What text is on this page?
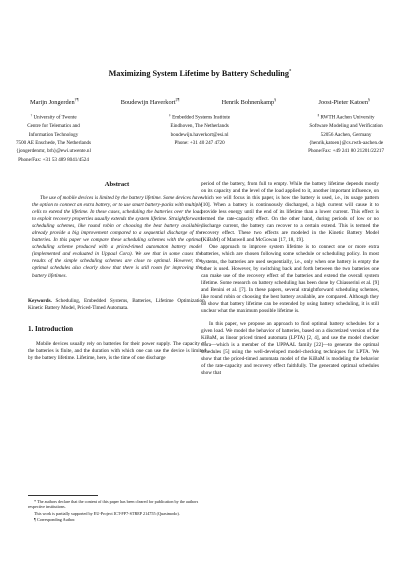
Maximizing System Lifetime by Battery Scheduling*
Marijn Jongerden†¶	Boudewijn Haverkort‡¶	Henrik Bohnenkamp§	Joost-Pieter Katoen§
† University of Twente
Centre for Telematics and
Information Technology
7500 AE Enschede, The Netherlands
{jongerdenmr, brh}@ewi.utwente.nl
Phone/Fax: +31 53 489 8041/4524
‡ Embedded Systems Institute
Eindhoven, The Netherlands
boudewijn.haverkort@esi.nl
Phone: +31 40 247 4720
§ RWTH Aachen University
Software Modeling and Verification
52056 Aachen, Germany
{henrik,katoen}@cs.rwth-aachen.de
Phone/Fax: +49 241 80 21201/22217
Abstract

The use of mobile devices is limited by the battery lifetime. Some devices have the option to connect an extra battery, or to use smart battery-packs with multiple cells to extend the lifetime. In these cases, scheduling the batteries over the load to exploit recovery properties usually extends the system lifetime. Straightforward scheduling schemes, like round robin or choosing the best battery available, already provide a big improvement compared to a sequential discharge of the batteries. In this paper we compare these scheduling schemes with the optimal scheduling scheme produced with a priced-timed automaton battery model (implemented and evaluated in Uppaal Cora). We see that in some cases the results of the simple scheduling schemes are close to optimal. However, the optimal schedules also clearly show that there is still room for improving the battery lifetimes.

Keywords. Scheduling, Embedded Systems, Batteries, Lifetime Optimization, Kinetic Battery Model, Priced-Timed Automata.

1. Introduction

Mobile devices usually rely on batteries for their power supply. The capacity of the batteries is finite, and the duration with which one can use the device is limited by the battery lifetime. Lifetime, here, is the time of one discharge

* The authors declare that the content of this paper has been cleared for publication by the authors respective institutions.

This work is partially supported by EU-Project ICT-FP7-STREP 214755 (Quasimodo).

¶ Corresponding Author.

period of the battery, from full to empty. While the battery lifetime depends mostly on its capacity and the level of the load applied to it, another important influence, on which we will focus in this paper, is how the battery is used, i.e., its usage pattern [10]. When a battery is continuously discharged, a high current will cause it to provide less energy until the end of its lifetime than a lower current. This effect is termed the rate-capacity effect. On the other hand, during periods of low or no discharge current, the battery can recover to a certain extend. This is termed the recovery effect. These two effects are modeled in the Kinetic Battery Model (KiBaM) of Manwell and McGowan [17, 18, 19].

One approach to improve system lifetime is to connect one or more extra batteries, which are chosen following some schedule or scheduling policy. In most systems, the batteries are used sequentially, i.e., only when one battery is empty the other is used. However, by switching back and forth between the two batteries one can make use of the recovery effect of the batteries and extend the overall system lifetime. Some research on battery scheduling has been done by Chiasserini et al. [9] and Benini et al. [7]. In these papers, several straightforward scheduling schemes, like round robin or choosing the best battery available, are compared. Although they do show that battery lifetime can be extended by using battery scheduling, it is still unclear what the maximum possible lifetime is.

In this paper, we propose an approach to find optimal battery schedules for a given load. We model the behavior of batteries, based on a discretized version of the KiBaM, as linear priced timed automata (LPTA) [2, 4], and use the model checker Cora—which is a member of the UPPAAL family [22]—to generate the optimal schedules [5] using the well-developed model-checking techniques for LPTA. We show that the priced-timed automata model of the KiBaM is modeling the behavior of the rate-capacity and recovery effect faithfully. The generated optimal schedules show that
